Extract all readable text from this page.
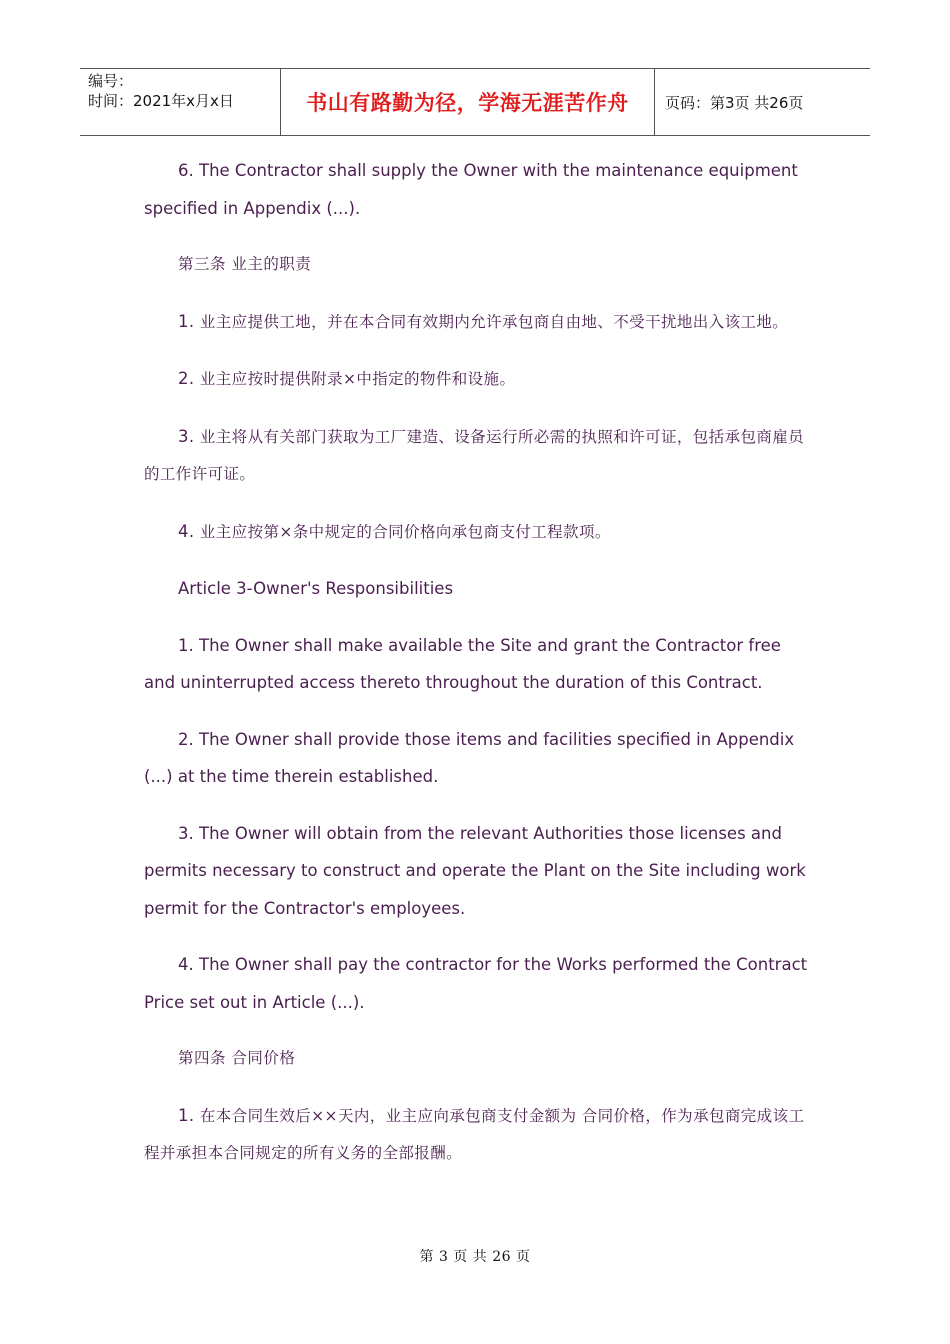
编号：
时间：2021年x月x日	书山有路勤为径，学海无涯苦作舟	页码：第3页 共26页

6. The Contractor shall supply the Owner with the maintenance equipment specified in Appendix (...).

第三条 业主的职责

1. 业主应提供工地，并在本合同有效期内允许承包商自由地、不受干扰地出入该工地。

2. 业主应按时提供附录×中指定的物件和设施。

3. 业主将从有关部门获取为工厂建造、设备运行所必需的执照和许可证，包括承包商雇员的工作许可证。

4. 业主应按第×条中规定的合同价格向承包商支付工程款项。

Article 3-Owner's Responsibilities

1. The Owner shall make available the Site and grant the Contractor free and uninterrupted access thereto throughout the duration of this Contract.

2. The Owner shall provide those items and facilities specified in Appendix (...) at the time therein established.

3. The Owner will obtain from the relevant Authorities those licenses and permits necessary to construct and operate the Plant on the Site including work permit for the Contractor's employees.

4. The Owner shall pay the contractor for the Works performed the Contract Price set out in Article (...).

第四条 合同价格

1. 在本合同生效后××天内，业主应向承包商支付金额为 合同价格，作为承包商完成该工程并承担本合同规定的所有义务的全部报酬。

第 3 页 共 26 页
